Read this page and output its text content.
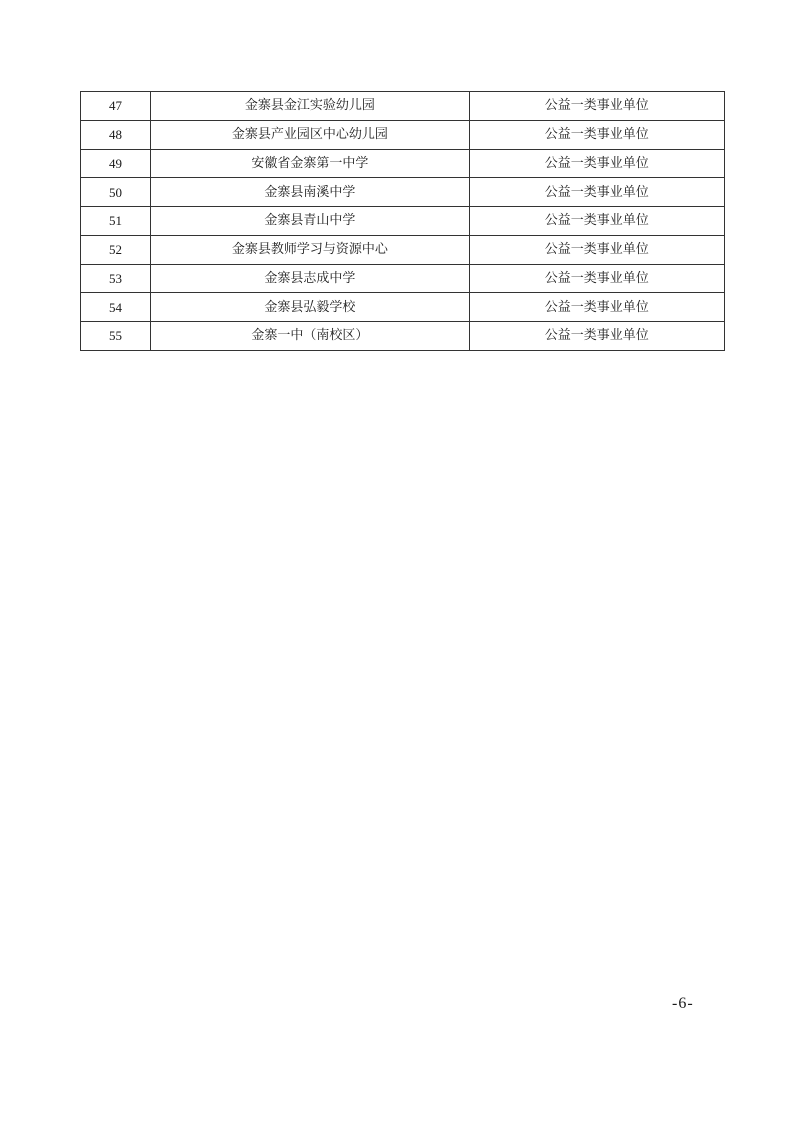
47	金寨县金江实验幼儿园	公益一类事业单位
48	金寨县产业园区中心幼儿园	公益一类事业单位
49	安徽省金寨第一中学	公益一类事业单位
50	金寨县南溪中学	公益一类事业单位
51	金寨县青山中学	公益一类事业单位
52	金寨县教师学习与资源中心	公益一类事业单位
53	金寨县志成中学	公益一类事业单位
54	金寨县弘毅学校	公益一类事业单位
55	金寨一中（南校区）	公益一类事业单位
-6-
